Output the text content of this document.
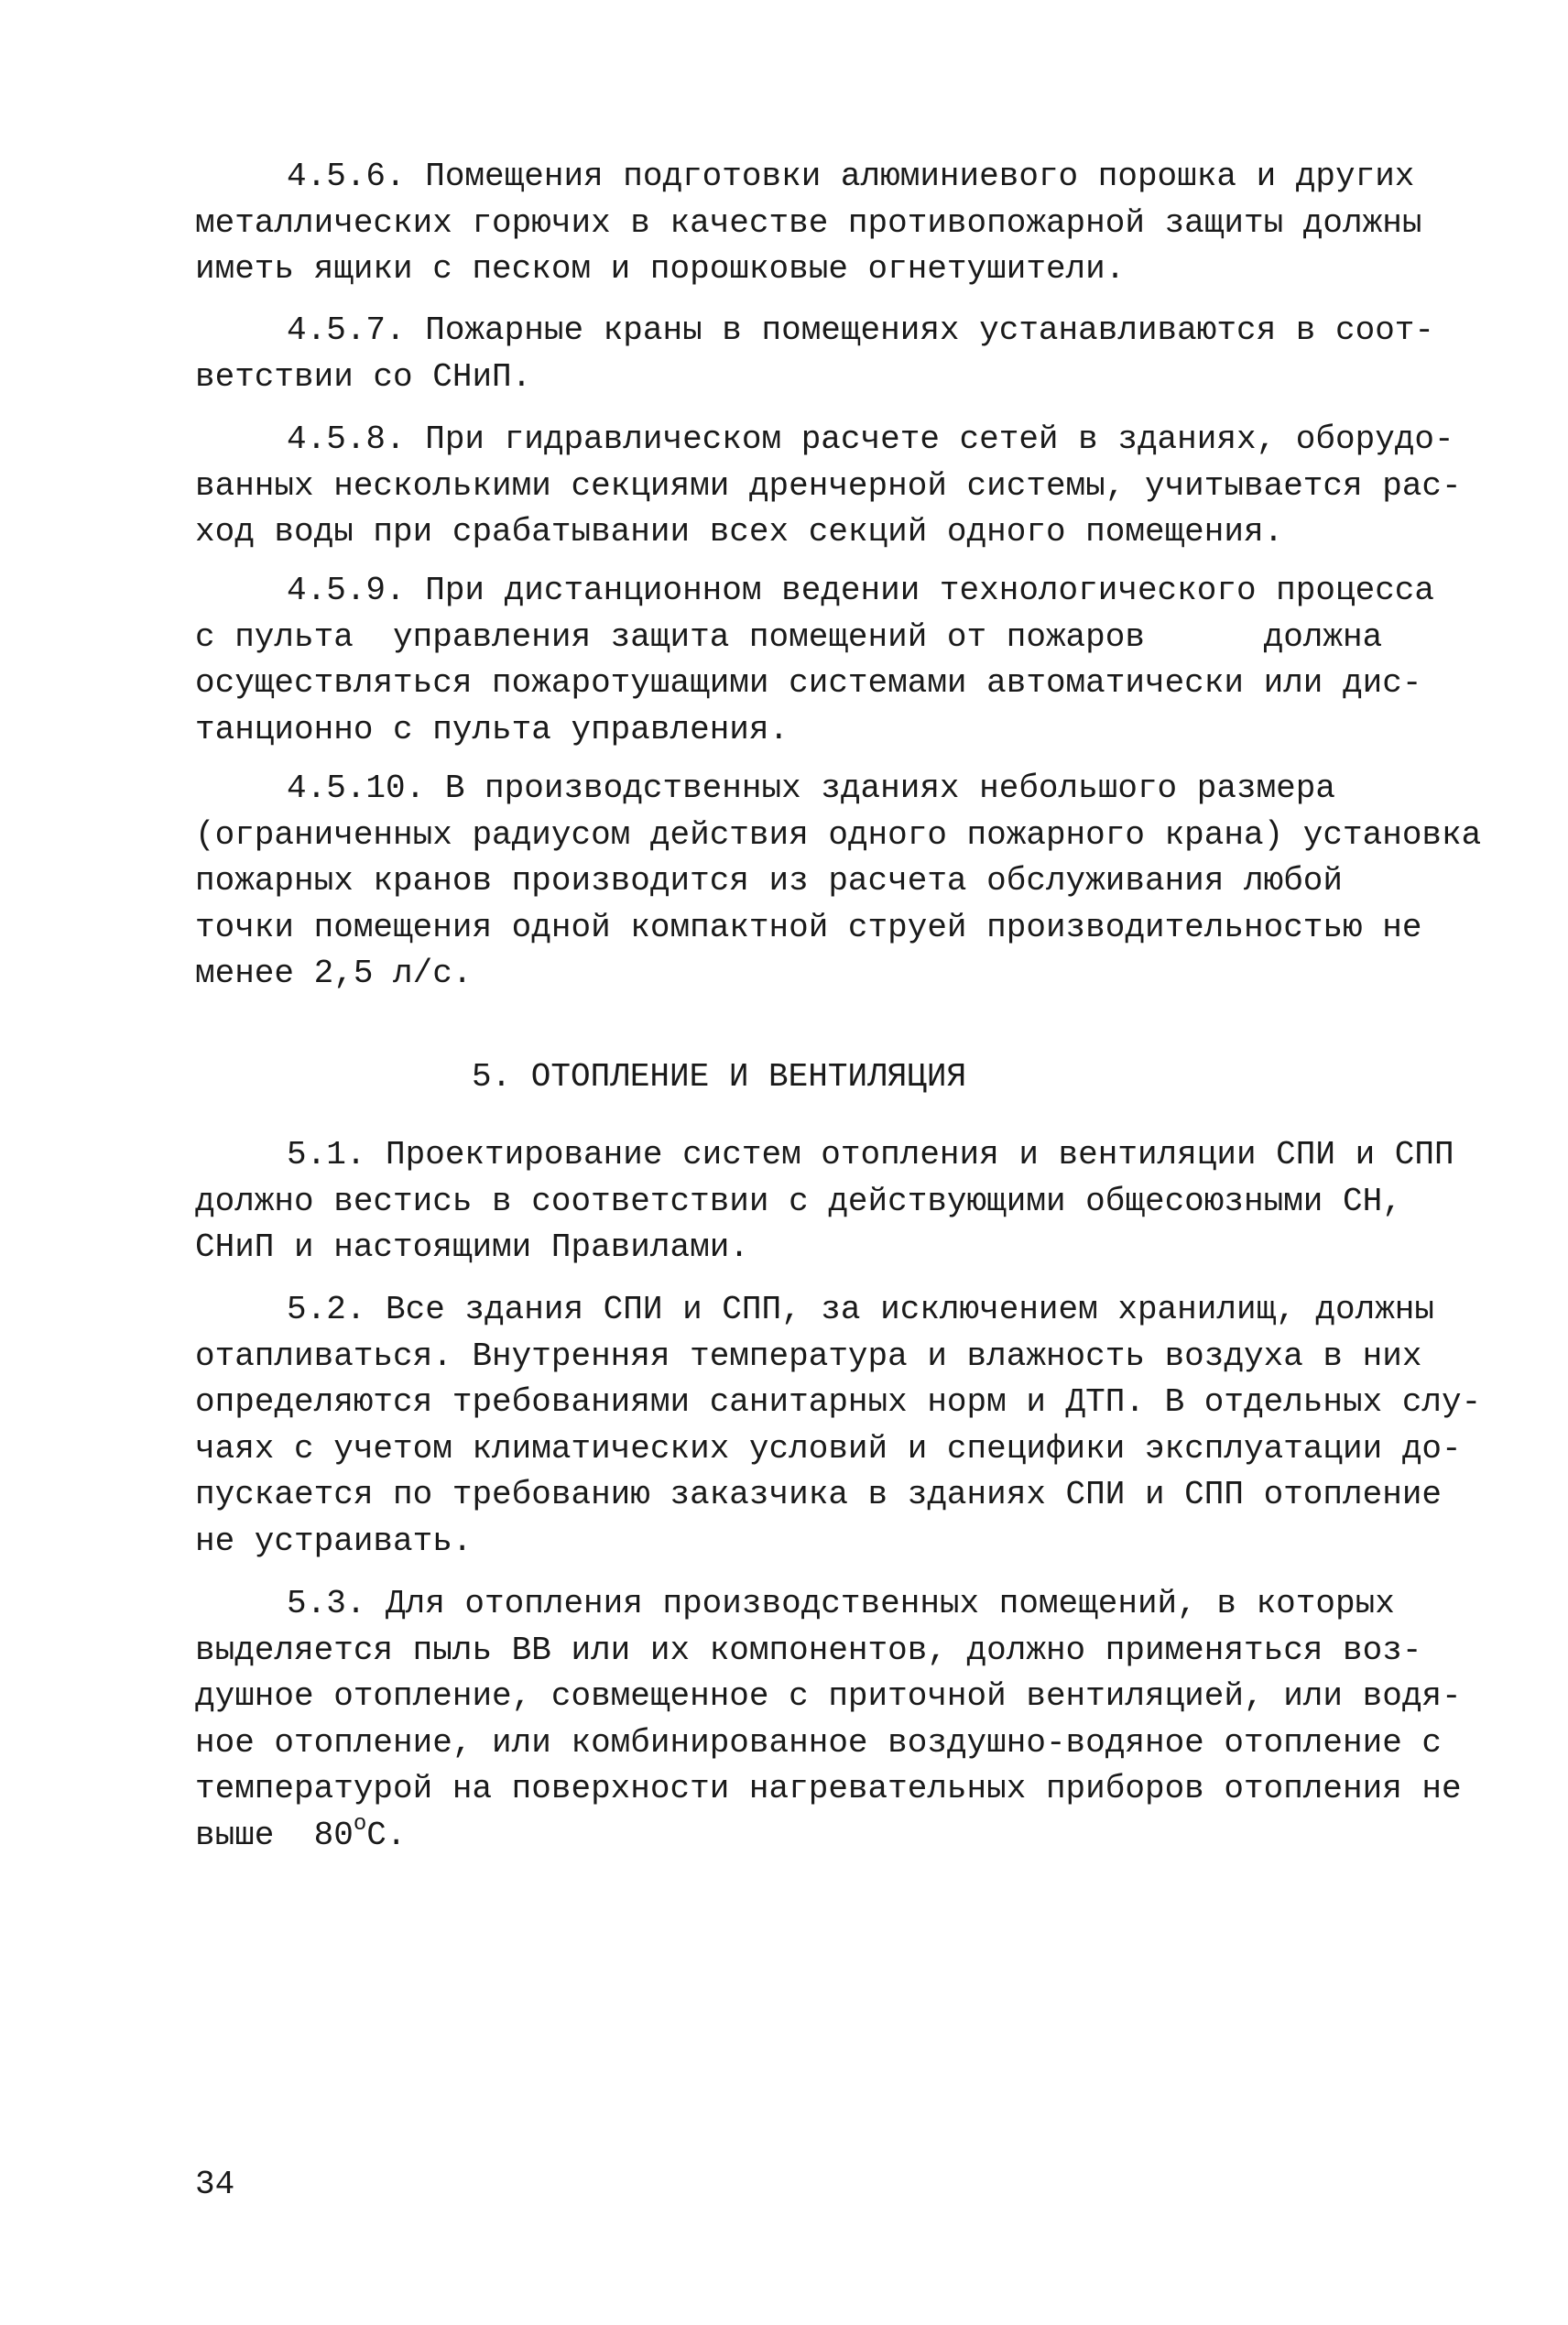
4.5.6. Помещения подготовки алюминиевого порошка и других
металлических горючих в качестве противопожарной защиты должны
иметь ящики с песком и порошковые огнетушители.

4.5.7. Пожарные краны в помещениях устанавливаются в соот-
ветствии со СНиП.

4.5.8. При гидравлическом расчете сетей в зданиях, оборудо-
ванных несколькими секциями дренчерной системы, учитывается рас-
ход воды при срабатывании всех секций одного помещения.

4.5.9. При дистанционном ведении технологического процесса
с пульта  управления защита помещений от пожаров      должна
осуществляться пожаротушащими системами автоматически или дис-
танционно с пульта управления.

4.5.10. В производственных зданиях небольшого размера
(ограниченных радиусом действия одного пожарного крана) установка
пожарных кранов производится из расчета обслуживания любой
точки помещения одной компактной струей производительностью не
менее 2,5 л/с.

5. ОТОПЛЕНИЕ И ВЕНТИЛЯЦИЯ

5.1. Проектирование систем отопления и вентиляции СПИ и СПП
должно вестись в соответствии с действующими общесоюзными СН,
СНиП и настоящими Правилами.

5.2. Все здания СПИ и СПП, за исключением хранилищ, должны
отапливаться. Внутренняя температура и влажность воздуха в них
определяются требованиями санитарных норм и ДТП. В отдельных слу-
чаях с учетом климатических условий и специфики эксплуатации до-
пускается по требованию заказчика в зданиях СПИ и СПП отопление
не устраивать.

5.3. Для отопления производственных помещений, в которых
выделяется пыль ВВ или их компонентов, должно применяться воз-
душное отопление, совмещенное с приточной вентиляцией, или водя-
ное отопление, или комбинированное воздушно-водяное отопление с
температурой на поверхности нагревательных приборов отопления не
выше  $80^оС$.

34
